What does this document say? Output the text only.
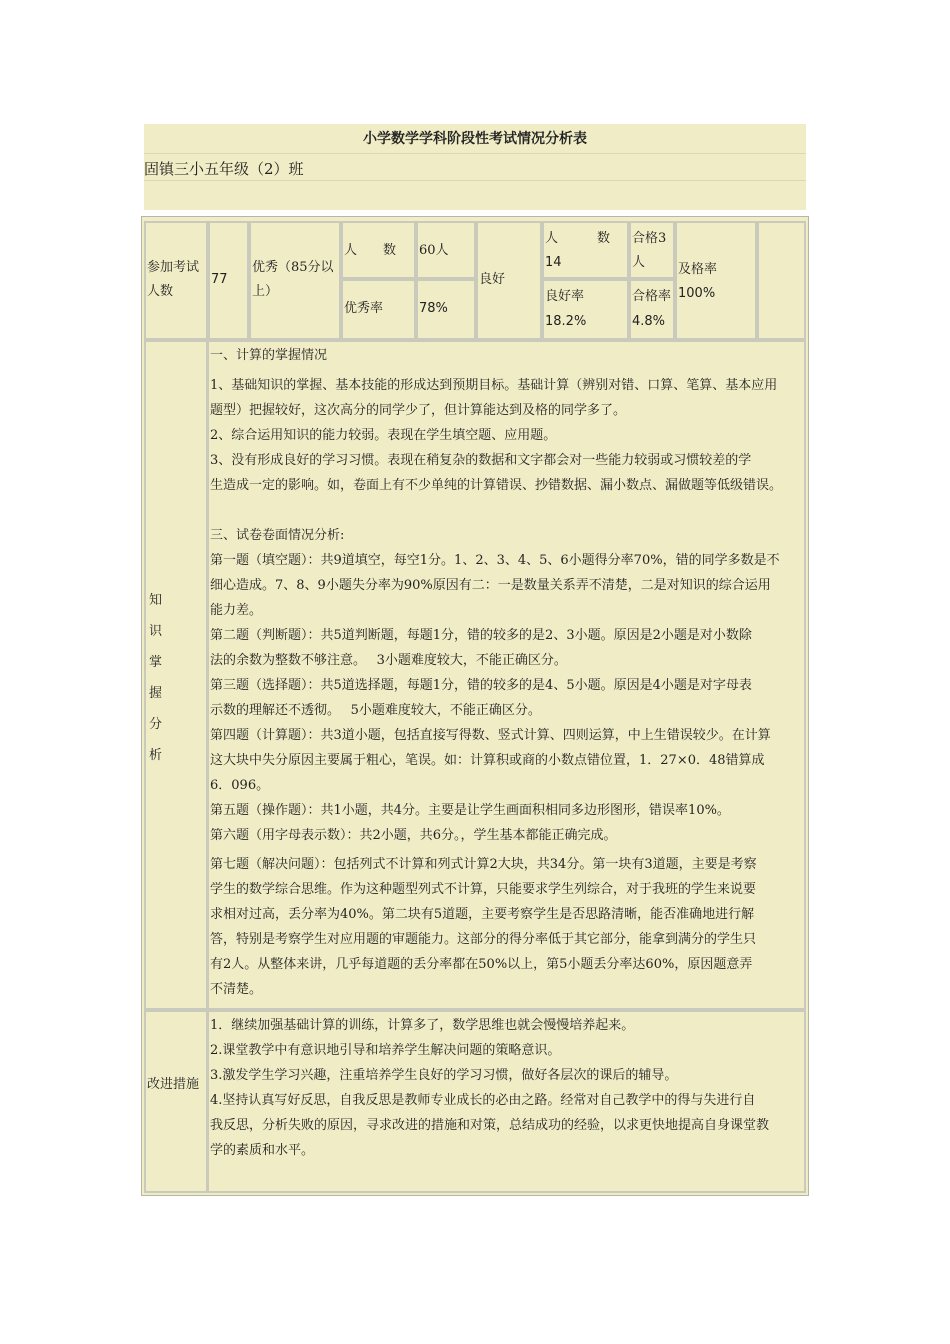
小学数学学科阶段性考试情况分析表
固镇三小五年级（2）班
参加考试人数
77
优秀（85分以上）
人　　数 60人
优秀率	78%
良好
人　　　数
14
合格3人
良好率
18.2%
合格率
4.8%
及格率
100%
知
识
掌
握
分
析

一、计算的掌握情况

1、基础知识的掌握、基本技能的形成达到预期目标。基础计算（辨别对错、口算、笔算、基本应用

题型）把握较好，这次高分的同学少了，但计算能达到及格的同学多了。

2、综合运用知识的能力较弱。表现在学生填空题、应用题。

3、没有形成良好的学习习惯。表现在稍复杂的数据和文字都会对一些能力较弱或习惯较差的学

生造成一定的影响。如，卷面上有不少单纯的计算错误、抄错数据、漏小数点、漏做题等低级错误。

三、试卷卷面情况分析:

第一题（填空题）：共9道填空，每空1分。1、2、3、4、5、6小题得分率70%，错的同学多数是不

细心造成。7、8、9小题失分率为90%原因有二：一是数量关系弄不清楚，二是对知识的综合运用

能力差。

第二题（判断题）：共5道判断题，每题1分，错的较多的是2、3小题。原因是2小题是对小数除

法的余数为整数不够注意。　 3小题难度较大，不能正确区分。

第三题（选择题）：共5道选择题，每题1分，错的较多的是4、5小题。原因是4小题是对字母表

示数的理解还不透彻。　 5小题难度较大，不能正确区分。

第四题（计算题）：共3道小题，包括直接写得数、竖式计算、四则运算，中上生错误较少。在计算

这大块中失分原因主要属于粗心，笔误。如：计算积或商的小数点错位置，1．27×0．48错算成

6．096。

第五题（操作题）：共1小题，共4分。主要是让学生画面积相同多边形图形，错误率10%。

第六题（用字母表示数）：共2小题，共6分。，学生基本都能正确完成。

第七题（解决问题）：包括列式不计算和列式计算2大块，共34分。第一块有3道题，主要是考察

学生的数学综合思维。作为这种题型列式不计算，只能要求学生列综合，对于我班的学生来说要

求相对过高，丢分率为40%。第二块有5道题，主要考察学生是否思路清晰，能否准确地进行解

答，特别是考察学生对应用题的审题能力。这部分的得分率低于其它部分，能拿到满分的学生只

有2人。从整体来讲，几乎每道题的丢分率都在50%以上，第5小题丢分率达60%，原因题意弄

不清楚。

改进措施

1．继续加强基础计算的训练，计算多了，数学思维也就会慢慢培养起来。

2.课堂教学中有意识地引导和培养学生解决问题的策略意识。

3.激发学生学习兴趣，注重培养学生良好的学习习惯，做好各层次的课后的辅导。

4.坚持认真写好反思，自我反思是教师专业成长的必由之路。经常对自己教学中的得与失进行自

我反思，分析失败的原因，寻求改进的措施和对策，总结成功的经验，以求更快地提高自身课堂教

学的素质和水平。
